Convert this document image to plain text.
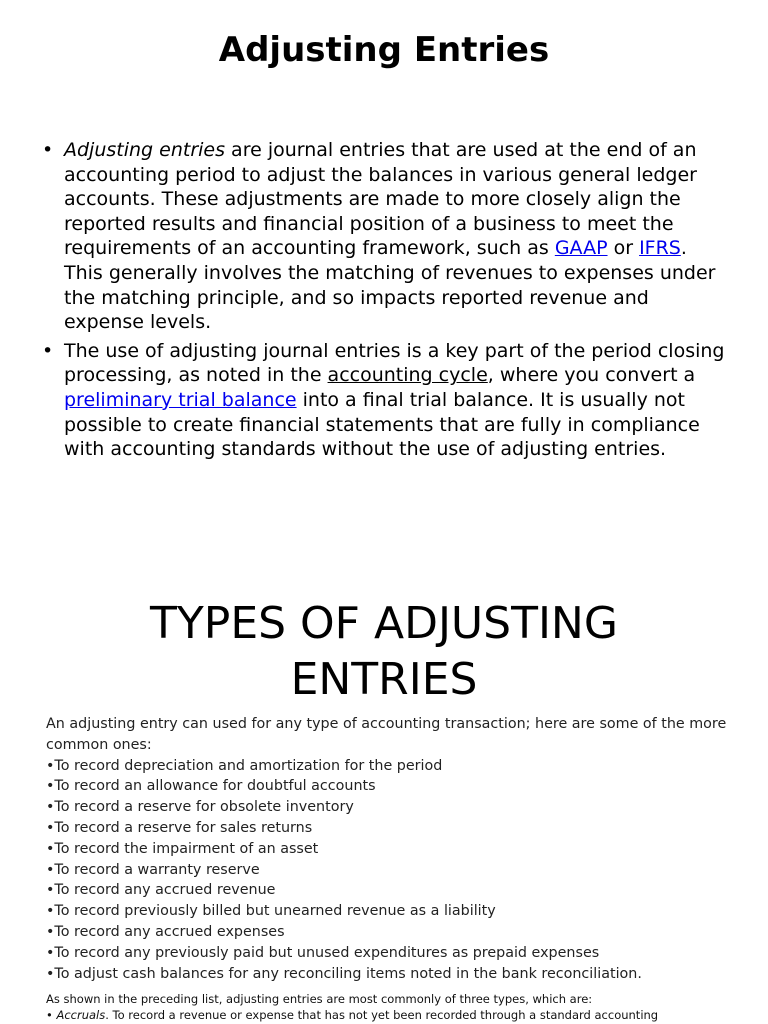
Adjusting Entries
• Adjusting entries are journal entries that are used at the end of an accounting period to adjust the balances in various general ledger accounts. These adjustments are made to more closely align the reported results and financial position of a business to meet the requirements of an accounting framework, such as GAAP or IFRS. This generally involves the matching of revenues to expenses under the matching principle, and so impacts reported revenue and expense levels.
• The use of adjusting journal entries is a key part of the period closing processing, as noted in the accounting cycle, where you convert a preliminary trial balance into a final trial balance. It is usually not possible to create financial statements that are fully in compliance with accounting standards without the use of adjusting entries.
TYPES OF ADJUSTING
ENTRIES

An adjusting entry can used for any type of accounting transaction; here are some of the more common ones:

•To record depreciation and amortization for the period
•To record an allowance for doubtful accounts
•To record a reserve for obsolete inventory
•To record a reserve for sales returns
•To record the impairment of an asset
•To record a warranty reserve
•To record any accrued revenue
•To record previously billed but unearned revenue as a liability
•To record any accrued expenses
•To record any previously paid but unused expenditures as prepaid expenses
•To adjust cash balances for any reconciling items noted in the bank reconciliation.

As shown in the preceding list, adjusting entries are most commonly of three types, which are:

• Accruals. To record a revenue or expense that has not yet been recorded through a standard accounting
